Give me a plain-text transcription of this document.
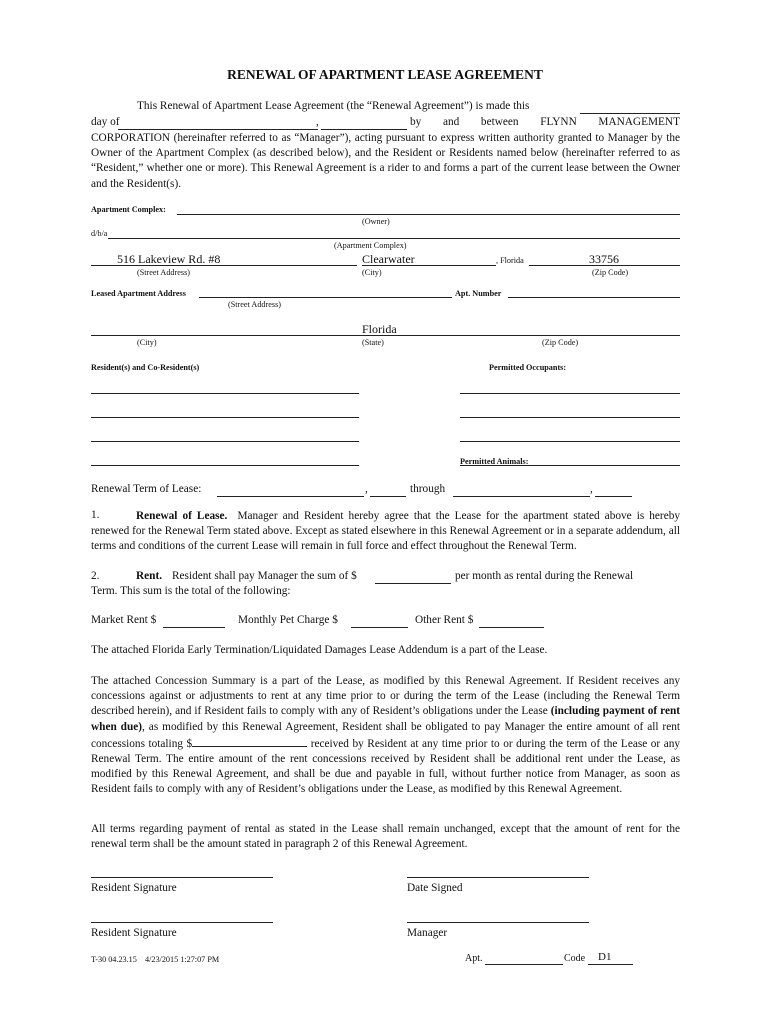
RENEWAL OF APARTMENT LEASE AGREEMENT
This Renewal of Apartment Lease Agreement (the “Renewal Agreement”) is made this
day of	,	by and between FLYNN MANAGEMENT
CORPORATION (hereinafter referred to as “Manager”), acting pursuant to express written authority granted to Manager by the Owner of the Apartment Complex (as described below), and the Resident or Residents named below (hereinafter referred to as “Resident,” whether one or more). This Renewal Agreement is a rider to and forms a part of the current lease between the Owner and the Resident(s).
Apartment Complex:
(Owner)
d/b/a
(Apartment Complex)
516 Lakeview Rd. #8	Clearwater	, Florida	33756
(Street Address)	(City)	(Zip Code)
Leased Apartment Address	Apt. Number
(Street Address)
Florida
(City)	(State)	(Zip Code)
Resident(s) and Co-Resident(s)	Permitted Occupants:
Permitted Animals:
Renewal Term of Lease:	,	through	,
1.	Renewal of Lease. Manager and Resident hereby agree that the Lease for the apartment stated above is hereby renewed for the Renewal Term stated above. Except as stated elsewhere in this Renewal Agreement or in a separate addendum, all terms and conditions of the current Lease will remain in full force and effect throughout the Renewal Term.
2.	Rent. Resident shall pay Manager the sum of $	per month as rental during the Renewal
Term. This sum is the total of the following:
Market Rent $	Monthly Pet Charge $	Other Rent $
The attached Florida Early Termination/Liquidated Damages Lease Addendum is a part of the Lease.
The attached Concession Summary is a part of the Lease, as modified by this Renewal Agreement. If Resident receives any concessions against or adjustments to rent at any time prior to or during the term of the Lease (including the Renewal Term described herein), and if Resident fails to comply with any of Resident’s obligations under the Lease (including payment of rent when due), as modified by this Renewal Agreement, Resident shall be obligated to pay Manager the entire amount of all rent concessions totaling $	received by Resident at any time prior to or during the term of the Lease or any Renewal Term. The entire amount of the rent concessions received by Resident shall be additional rent under the Lease, as modified by this Renewal Agreement, and shall be due and payable in full, without further notice from Manager, as soon as Resident fails to comply with any of Resident’s obligations under the Lease, as modified by this Renewal Agreement.
All terms regarding payment of rental as stated in the Lease shall remain unchanged, except that the amount of rent for the renewal term shall be the amount stated in paragraph 2 of this Renewal Agreement.
Resident Signature	Date Signed
Resident Signature	Manager
T-30 04.23.15 4/23/2015 1:27:07 PM	Apt.	Code D1
